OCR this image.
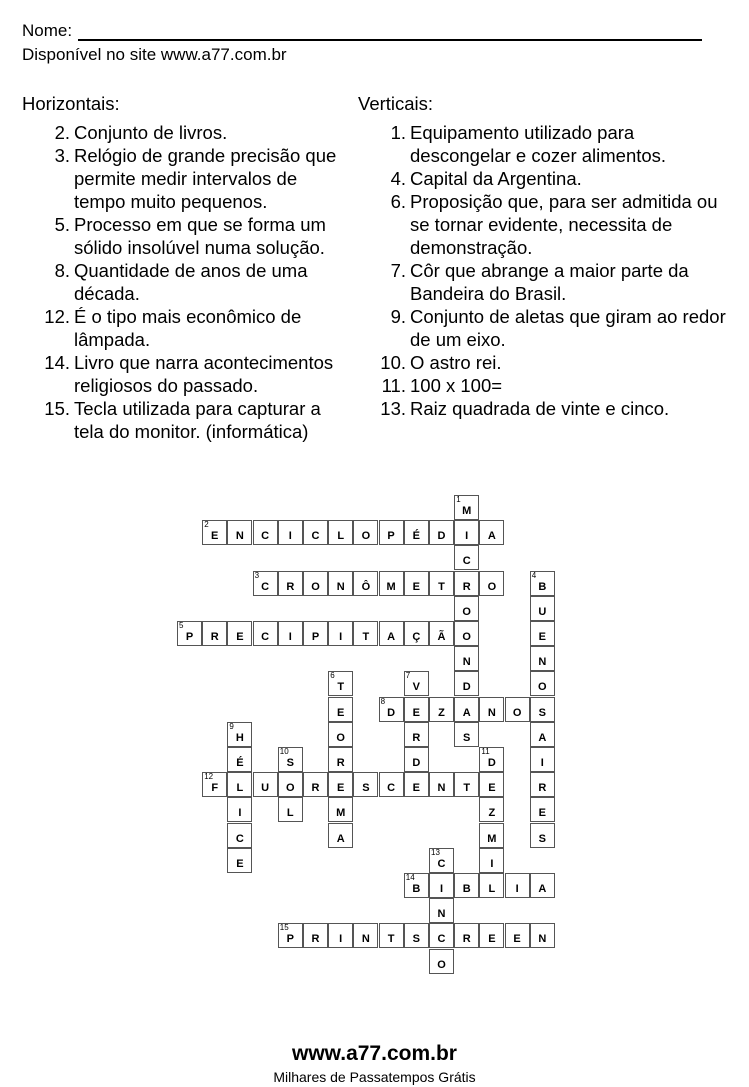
Nome:
Disponível no site www.a77.com.br
Horizontais:
2. Conjunto de livros.
3. Relógio de grande precisão que permite medir intervalos de tempo muito pequenos.
5. Processo em que se forma um sólido insolúvel numa solução.
8. Quantidade de anos de uma década.
12. É o tipo mais econômico de lâmpada.
14. Livro que narra acontecimentos religiosos do passado.
15. Tecla utilizada para capturar a tela do monitor. (informática)
Verticais:
1. Equipamento utilizado para descongelar e cozer alimentos.
4. Capital da Argentina.
6. Proposição que, para ser admitida ou se tornar evidente, necessita de demonstração.
7. Côr que abrange a maior parte da Bandeira do Brasil.
9. Conjunto de aletas que giram ao redor de um eixo.
10. O astro rei.
11. 100 x 100=
13. Raiz quadrada de vinte e cinco.
1
M
I
C
R
O
O
N
D
A
S
2
E	N	C	I	C	L	O	P	É	D	A
3
C	R	O	N	Ô	M	E	T	O
4
B
U
E
N
O
S
A
I
R
E
S
5
P	R	E	C	I	P	I	T	A	Ç	Ã
6
T
E
O
R
E
M
A
7
V
E
R
D
E
8
D	Z	N	O
9
H
É
L
I
C
E
10
S
O
L
11
D
E
Z
M
I
L
12
F	U	R	S	C	N	T
13
C
I
N
C
O
14
B	B	I	A
15
P	R	I	N	T	S	R	E	E	N
www.a77.com.br
Milhares de Passatempos Grátis
